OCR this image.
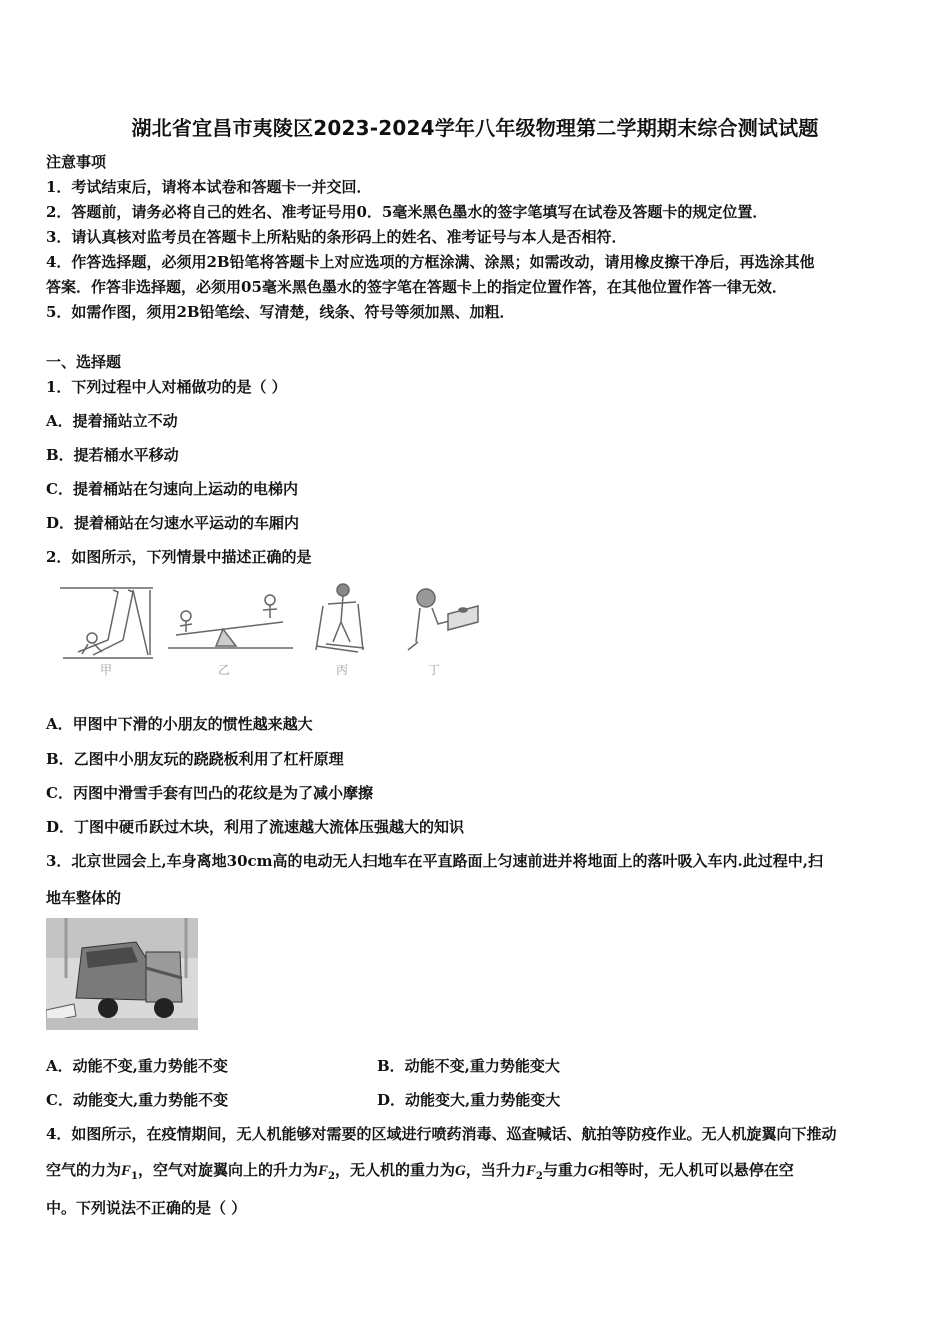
湖北省宜昌市夷陵区2023-2024学年八年级物理第二学期期末综合测试试题
注意事项
1．考试结束后，请将本试卷和答题卡一并交回．
2．答题前，请务必将自己的姓名、准考证号用0．5毫米黑色墨水的签字笔填写在试卷及答题卡的规定位置．
3．请认真核对监考员在答题卡上所粘贴的条形码上的姓名、准考证号与本人是否相符．
4．作答选择题，必须用2B铅笔将答题卡上对应选项的方框涂满、涂黑；如需改动，请用橡皮擦干净后，再选涂其他
答案．作答非选择题，必须用05毫米黑色墨水的签字笔在答题卡上的指定位置作答，在其他位置作答一律无效．
5．如需作图，须用2B铅笔绘、写清楚，线条、符号等须加黑、加粗．
一、选择题
1．下列过程中人对桶做功的是（ ）
A．提着捅站立不动
B．提若桶水平移动
C．提着桶站在匀速向上运动的电梯内
D．提着桶站在匀速水平运动的车厢内
2．如图所示，下列情景中描述正确的是
甲	乙	丙	丁
A．甲图中下滑的小朋友的惯性越来越大
B．乙图中小朋友玩的跷跷板利用了杠杆原理
C．丙图中滑雪手套有凹凸的花纹是为了减小摩擦
D．丁图中硬币跃过木块，利用了流速越大流体压强越大的知识
3．北京世园会上,车身离地30cm高的电动无人扫地车在平直路面上匀速前进并将地面上的落叶吸入车内.此过程中,扫
地车整体的
A．动能不变,重力势能不变	B．动能不变,重力势能变大
C．动能变大,重力势能不变	D．动能变大,重力势能变大
4．如图所示，在疫情期间，无人机能够对需要的区域进行喷药消毒、巡查喊话、航拍等防疫作业。无人机旋翼向下推动
空气的力为$F_1$，空气对旋翼向上的升力为$F_2$，无人机的重力为G，当升力$F_2$与重力G相等时，无人机可以悬停在空
中。下列说法不正确的是（ ）
